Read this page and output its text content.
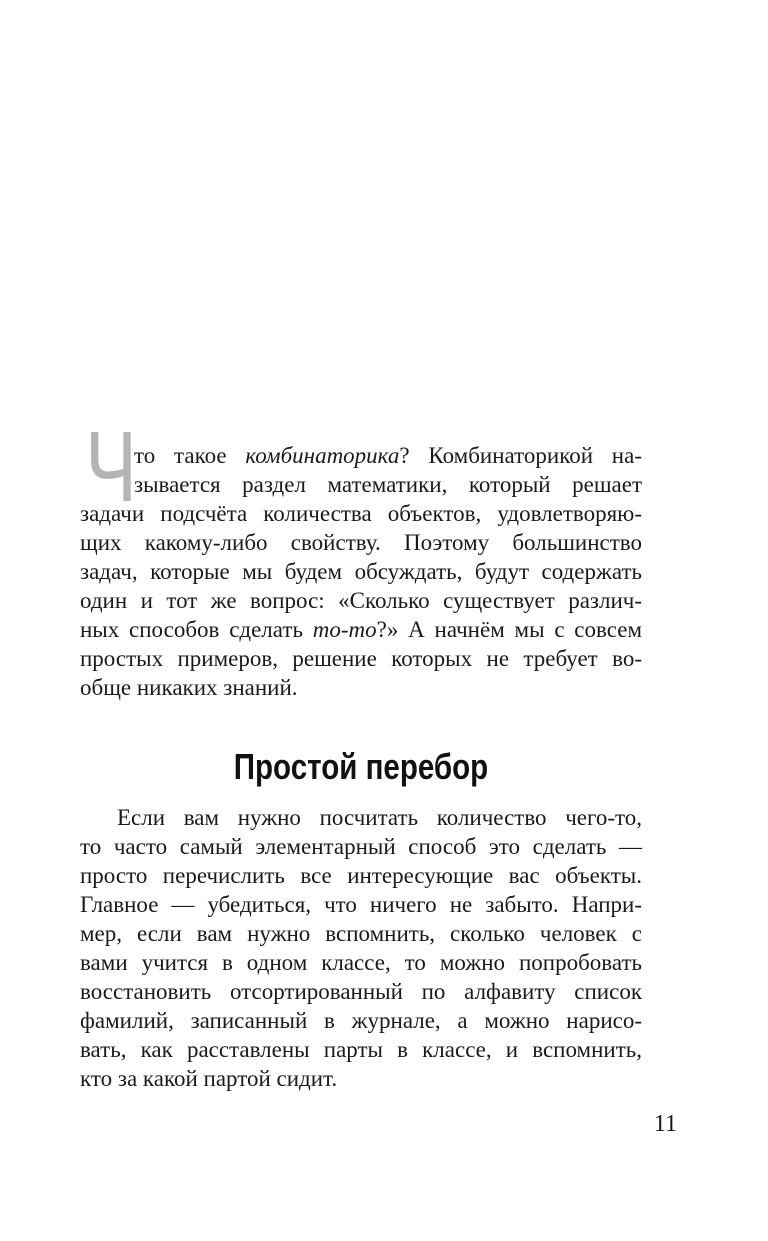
Ч
то такое комбинаторика? Комбинаторикой на-
зывается раздел математики, который решает
задачи подсчёта количества объектов, удовлетворяю-
щих какому-либо свойству. Поэтому большинство
задач, которые мы будем обсуждать, будут содержать
один и тот же вопрос: «Сколько существует различ-
ных способов сделать то-то?» А начнём мы с совсем
простых примеров, решение которых не требует во-
обще никаких знаний.
Простой перебор
Если вам нужно посчитать количество чего-то,
то часто самый элементарный способ это сделать —
просто перечислить все интересующие вас объекты.
Главное — убедиться, что ничего не забыто. Напри-
мер, если вам нужно вспомнить, сколько человек с
вами учится в одном классе, то можно попробовать
восстановить отсортированный по алфавиту список
фамилий, записанный в журнале, а можно нарисо-
вать, как расставлены парты в классе, и вспомнить,
кто за какой партой сидит.
11
